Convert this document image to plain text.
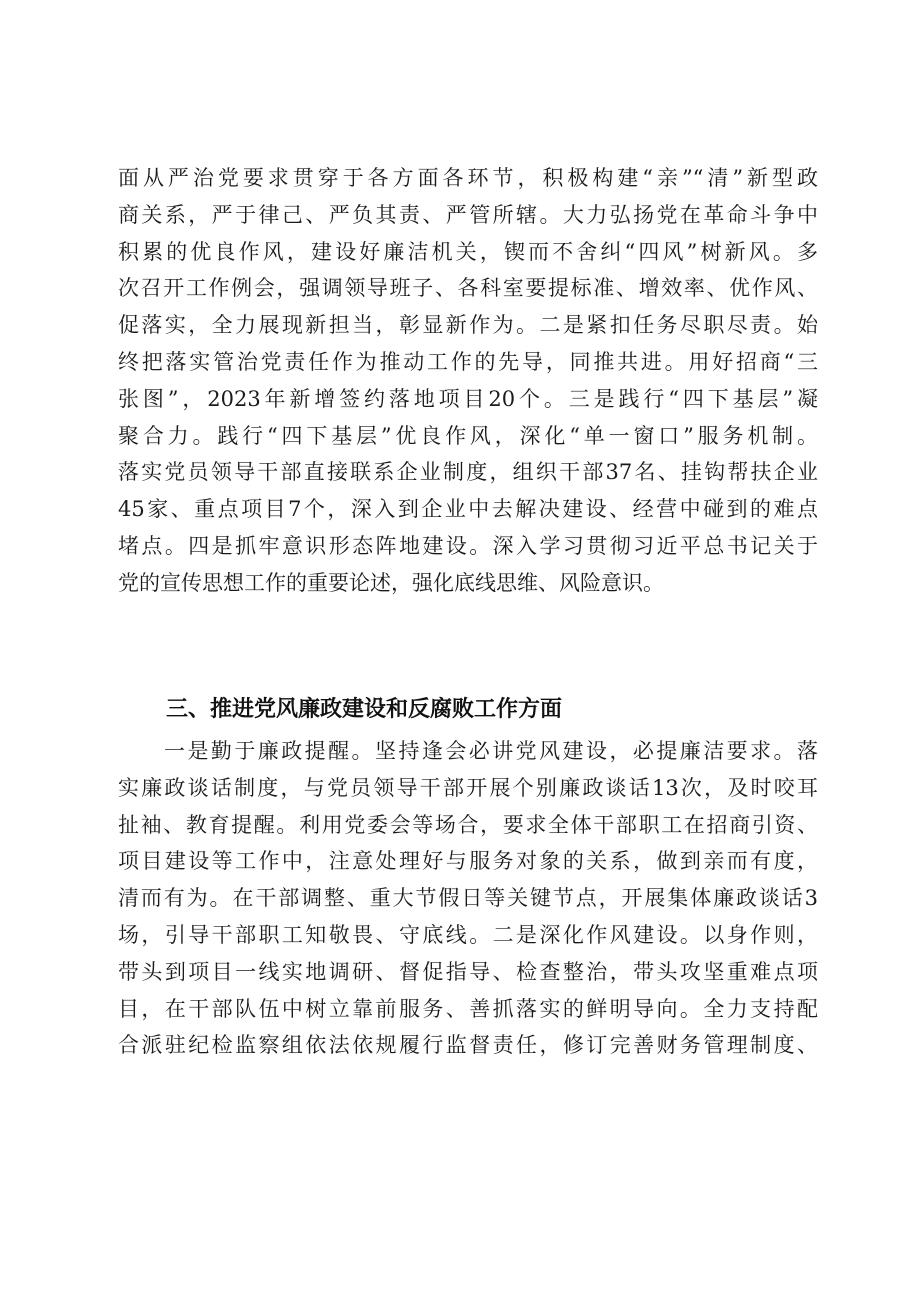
面从严治党要求贯穿于各方面各环节，积极构建“亲”“清”新型政
商关系，严于律己、严负其责、严管所辖。大力弘扬党在革命斗争中
积累的优良作风，建设好廉洁机关，锲而不舍纠“四风”树新风。多
次召开工作例会，强调领导班子、各科室要提标准、增效率、优作风、
促落实，全力展现新担当，彰显新作为。二是紧扣任务尽职尽责。始
终把落实管治党责任作为推动工作的先导，同推共进。用好招商“三
张图”，2023年新增签约落地项目20个。三是践行“四下基层”凝
聚合力。践行“四下基层”优良作风，深化“单一窗口”服务机制。
落实党员领导干部直接联系企业制度，组织干部37名、挂钩帮扶企业
45家、重点项目7个，深入到企业中去解决建设、经营中碰到的难点
堵点。四是抓牢意识形态阵地建设。深入学习贯彻习近平总书记关于
党的宣传思想工作的重要论述，强化底线思维、风险意识。
三、推进党风廉政建设和反腐败工作方面
一是勤于廉政提醒。坚持逢会必讲党风建设，必提廉洁要求。落
实廉政谈话制度，与党员领导干部开展个别廉政谈话13次，及时咬耳
扯袖、教育提醒。利用党委会等场合，要求全体干部职工在招商引资、
项目建设等工作中，注意处理好与服务对象的关系，做到亲而有度，
清而有为。在干部调整、重大节假日等关键节点，开展集体廉政谈话3
场，引导干部职工知敬畏、守底线。二是深化作风建设。以身作则，
带头到项目一线实地调研、督促指导、检查整治，带头攻坚重难点项
目，在干部队伍中树立靠前服务、善抓落实的鲜明导向。全力支持配
合派驻纪检监察组依法依规履行监督责任，修订完善财务管理制度、
